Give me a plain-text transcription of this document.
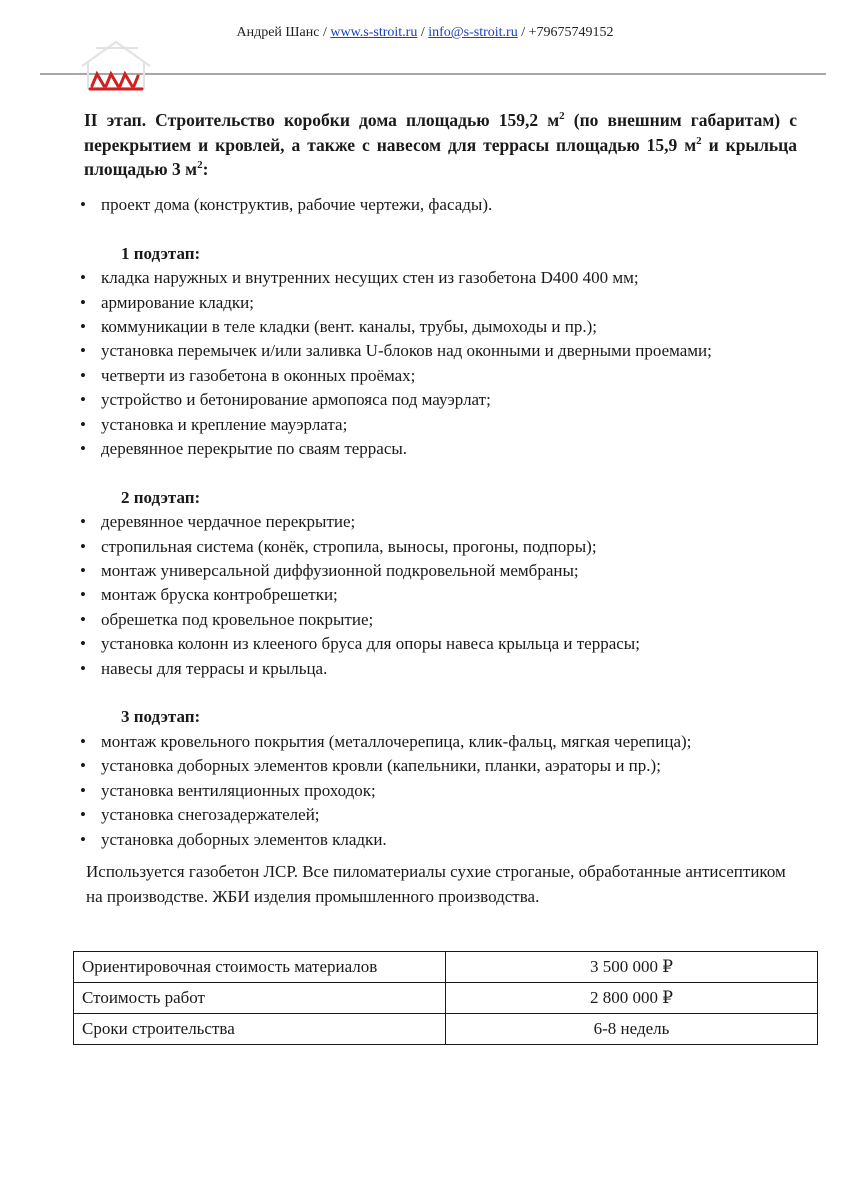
Андрей Шанс / www.s-stroit.ru / info@s-stroit.ru / +79675749152
II этап. Строительство коробки дома площадью 159,2 $м^2$ (по внешним габаритам) с перекрытием и кровлей, а также с навесом для террасы площадью 15,9 $м^2$ и крыльца площадью 3 $м^2$:
• проект дома (конструктив, рабочие чертежи, фасады).
1 подэтап:
• кладка наружных и внутренних несущих стен из газобетона D400 400 мм;
• армирование кладки;
• коммуникации в теле кладки (вент. каналы, трубы, дымоходы и пр.);
• установка перемычек и/или заливка U-блоков над оконными и дверными проемами;
• четверти из газобетона в оконных проёмах;
• устройство и бетонирование армопояса под мауэрлат;
• установка и крепление мауэрлата;
• деревянное перекрытие по сваям террасы.
2 подэтап:
• деревянное чердачное перекрытие;
• стропильная система (конёк, стропила, выносы, прогоны, подпоры);
• монтаж универсальной диффузионной подкровельной мембраны;
• монтаж бруска контробрешетки;
• обрешетка под кровельное покрытие;
• установка колонн из клееного бруса для опоры навеса крыльца и террасы;
• навесы для террасы и крыльца.
3 подэтап:
• монтаж кровельного покрытия (металлочерепица, клик-фальц, мягкая черепица);
• установка доборных элементов кровли (капельники, планки, аэраторы и пр.);
• установка вентиляционных проходок;
• установка снегозадержателей;
• установка доборных элементов кладки.
Используется газобетон ЛСР. Все пиломатериалы сухие строганые, обработанные антисептиком на производстве. ЖБИ изделия промышленного производства.
Ориентировочная стоимость материалов	3 500 000 ₽
Стоимость работ	2 800 000 ₽
Сроки строительства	6-8 недель
